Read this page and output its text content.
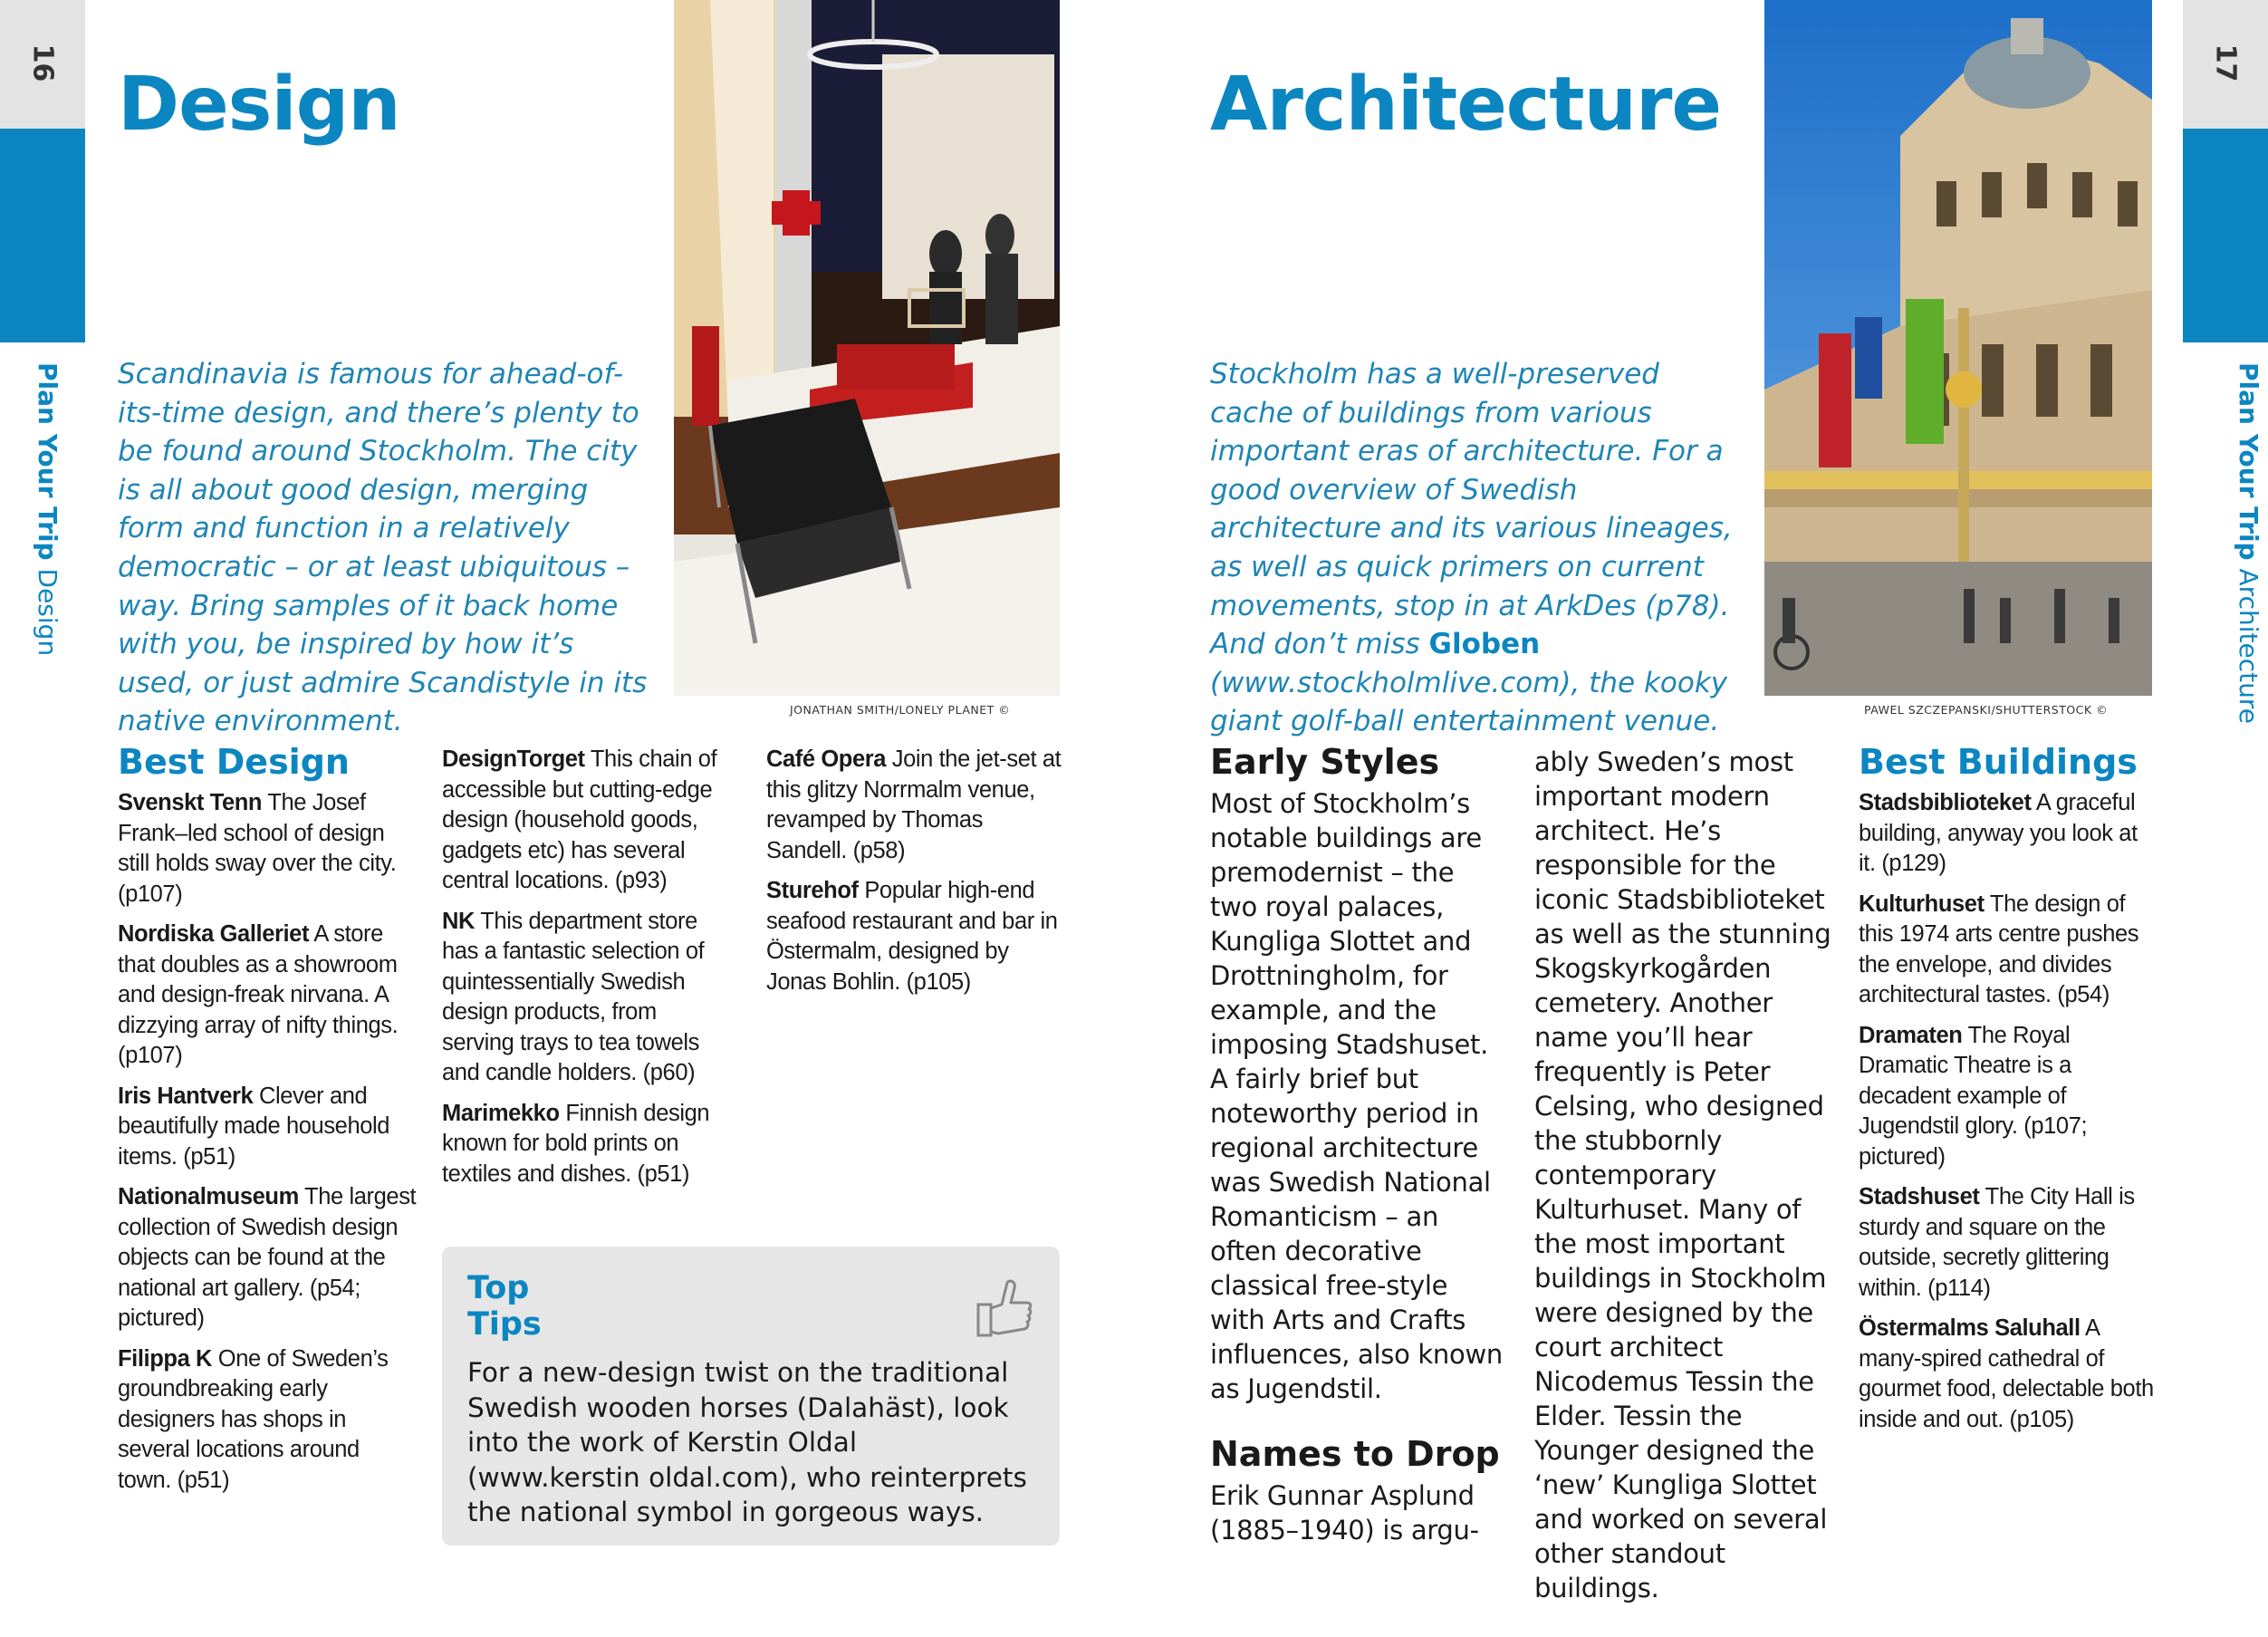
16
Plan Your Trip Design
Design

Scandinavia is famous for ahead-of-its-time design, and there’s plenty to be found around Stockholm. The city is all about good design, merging form and function in a relatively democratic – or at least ubiquitous – way. Bring samples of it back home with you, be inspired by how it’s used, or just admire Scandistyle in its native environment.	JONATHAN SMITH/LONELY PLANET ©
Best Design
Svenskt Tenn The Josef Frank–led school of design still holds sway over the city. (p107)
Nordiska Galleriet A store that doubles as a showroom and design-freak nirvana. A dizzying array of nifty things. (p107)
Iris Hantverk Clever and beautifully made household items. (p51)
Nationalmuseum The largest collection of Swedish design objects can be found at the national art gallery. (p54; pictured)
Filippa K One of Sweden’s groundbreaking early designers has shops in several locations around town. (p51)
DesignTorget This chain of accessible but cutting-edge design (household goods, gadgets etc) has several central locations. (p93)
NK This department store has a fantastic selection of quintessentially Swedish design products, from serving trays to tea towels and candle holders. (p60)
Marimekko Finnish design known for bold prints on textiles and dishes. (p51)
Café Opera Join the jet-set at this glitzy Norrmalm venue, revamped by Thomas Sandell. (p58)
Sturehof Popular high-end seafood restaurant and bar in Östermalm, designed by Jonas Bohlin. (p105)
Top Tips
For a new-design twist on the traditional Swedish wooden horses (Dalahäst), look into the work of Kerstin Oldal (www.kerstin oldal.com), who reinterprets the national symbol in gorgeous ways.
17
Plan Your Trip Architecture
Architecture

Stockholm has a well-preserved cache of buildings from various important eras of architecture. For a good overview of Swedish architecture and its various lineages, as well as quick primers on current movements, stop in at ArkDes (p78). And don’t miss Globen (www.stockholmlive.com), the kooky giant golf-ball entertainment venue.	PAWEL SZCZEPANSKI/SHUTTERSTOCK ©
Early Styles

Most of Stockholm’s notable buildings are premodernist – the two royal palaces, Kungliga Slottet and Drottningholm, for example, and the imposing Stadshuset. A fairly brief but noteworthy period in regional architecture was Swedish National Romanticism – an often decorative classical free-style with Arts and Crafts influences, also known as Jugendstil.

Names to Drop

Erik Gunnar Asplund (1885–1940) is argu-

ably Sweden’s most important modern architect. He’s responsible for the iconic Stadsbiblioteket as well as the stunning Skogskyrkogården cemetery. Another name you’ll hear frequently is Peter Celsing, who designed the stubbornly contemporary Kulturhuset. Many of the most important buildings in Stockholm were designed by the court architect Nicodemus Tessin the Elder. Tessin the Younger designed the ‘new’ Kungliga Slottet and worked on several other standout buildings.

Best Buildings
Stadsbiblioteket A graceful building, anyway you look at it. (p129)
Kulturhuset The design of this 1974 arts centre pushes the envelope, and divides architectural tastes. (p54)
Dramaten The Royal Dramatic Theatre is a decadent example of Jugendstil glory. (p107; pictured)
Stadshuset The City Hall is sturdy and square on the outside, secretly glittering within. (p114)
Östermalms Saluhall A many-spired cathedral of gourmet food, delectable both inside and out. (p105)
